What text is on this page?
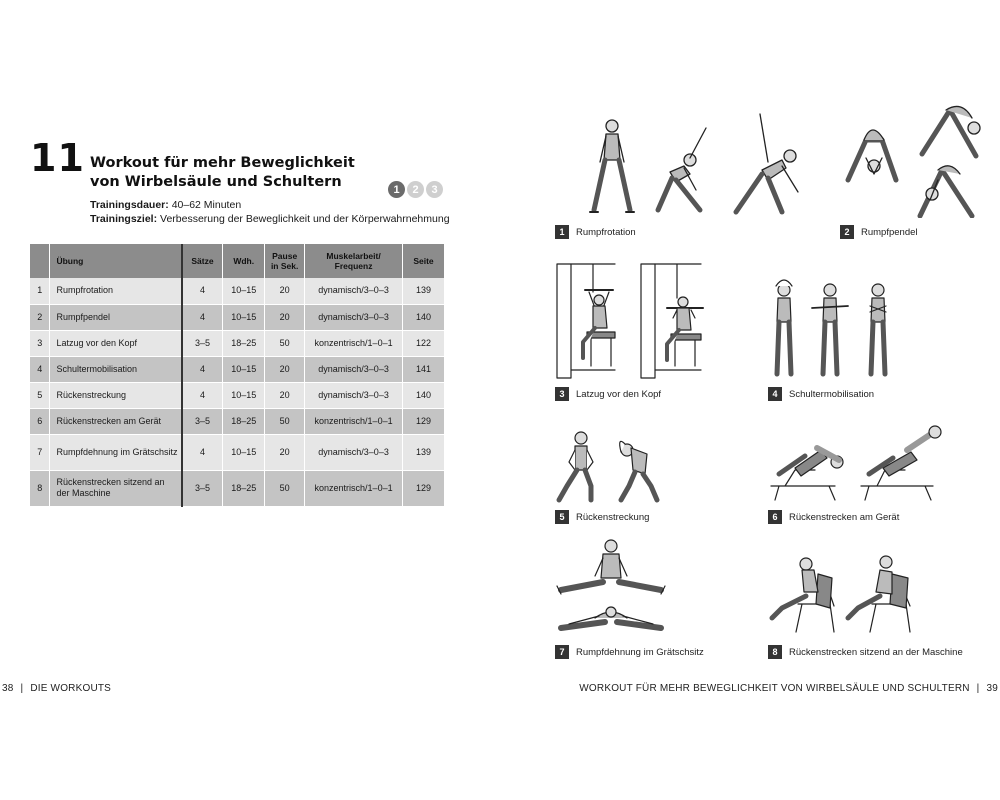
11 Workout für mehr Beweglichkeit
von Wirbelsäule und Schultern	1	2	3
Trainingsdauer: 40–62 Minuten
Trainingsziel: Verbesserung der Beweglichkeit und der Körperwahrnehmung
	Übung	Sätze	Wdh.	Pause in Sek.	Muskelarbeit/ Frequenz	Seite
1	Rumpfrotation	4	10–15	20	dynamisch/3–0–3	139
2	Rumpfpendel	4	10–15	20	dynamisch/3–0–3	140
3	Latzug vor den Kopf	3–5	18–25	50	konzentrisch/1–0–1	122
4	Schultermobilisation	4	10–15	20	dynamisch/3–0–3	141
5	Rückenstreckung	4	10–15	20	dynamisch/3–0–3	140
6	Rückenstrecken am Gerät	3–5	18–25	50	konzentrisch/1–0–1	129
7	Rumpfdehnung im Grätschsitz	4	10–15	20	dynamisch/3–0–3	139
8	Rückenstrecken sitzend an der Maschine	3–5	18–25	50	konzentrisch/1–0–1	129
1	Rumpfrotation	2	Rumpfpendel
3	Latzug vor den Kopf	4	Schultermobilisation
5	Rückenstreckung	6	Rückenstrecken am Gerät
7	Rumpfdehnung im Grätschsitz	8	Rückenstrecken sitzend an der Maschine
38 | DIE WORKOUTS	WORKOUT FÜR MEHR BEWEGLICHKEIT VON WIRBELSÄULE UND SCHULTERN | 39
